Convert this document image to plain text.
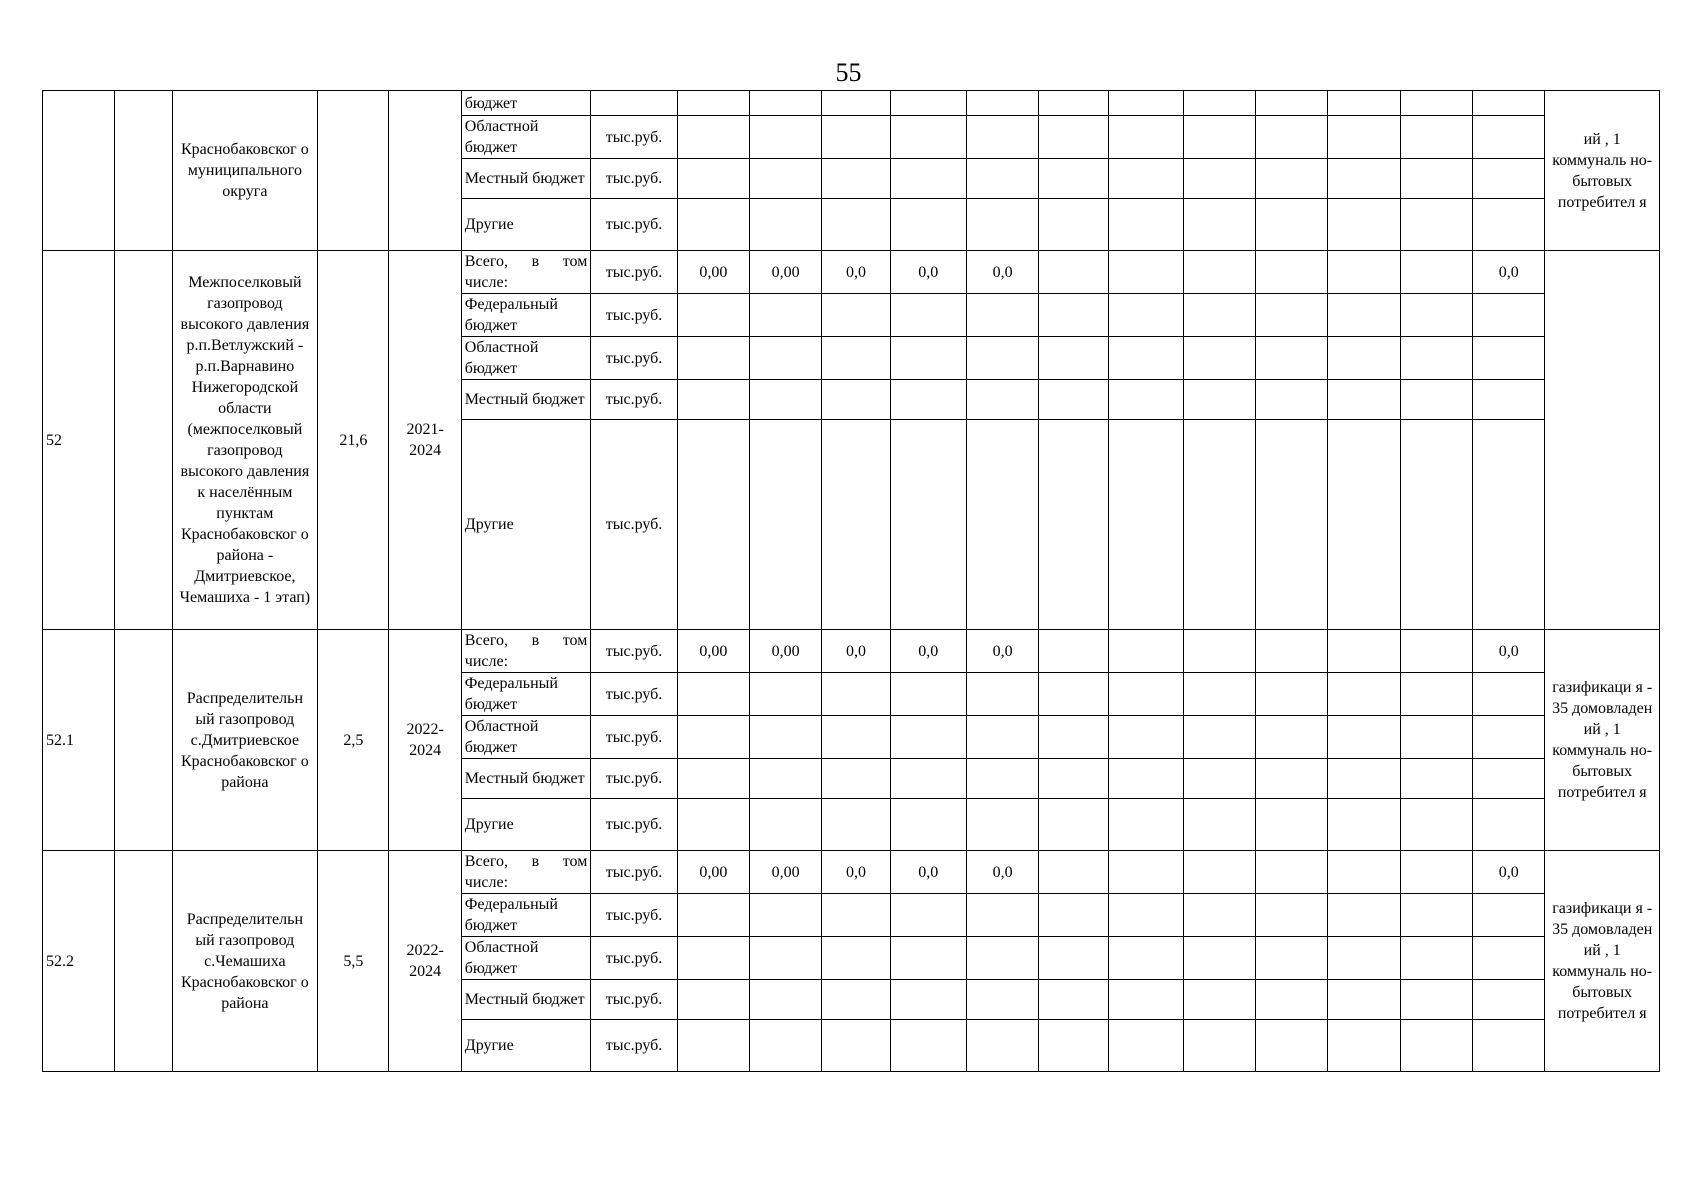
55
		Краснобаковског о муниципального округа			бюджет														ий , 1 коммуналь но-бытовых потребител я
					Областной бюджет	тыс.руб.													
					Местный бюджет	тыс.руб.													
					Другие	тыс.руб.													
52		Межпоселковый газопровод высокого давления р.п.Ветлужский - р.п.Варнавино Нижегородской области (межпоселковый газопровод высокого давления к населённым пунктам Краснобаковског о района - Дмитриевское, Чемашиха - 1 этап)	21,6	2021-2024	Всего, в том числе:	тыс.руб.	0,00	0,00	0,0	0,0	0,0							0,0	
					Федеральный бюджет	тыс.руб.													
					Областной бюджет	тыс.руб.													
					Местный бюджет	тыс.руб.													
					Другие	тыс.руб.													
52.1		Распределительн ый газопровод с.Дмитриевское Краснобаковског о района	2,5	2022-2024	Всего, в том числе:	тыс.руб.	0,00	0,00	0,0	0,0	0,0							0,0	газификаци я - 35 домовладен ий , 1 коммуналь но-бытовых потребител я
					Федеральный бюджет	тыс.руб.													
					Областной бюджет	тыс.руб.													
					Местный бюджет	тыс.руб.													
					Другие	тыс.руб.													
52.2		Распределительн ый газопровод с.Чемашиха Краснобаковског о района	5,5	2022-2024	Всего, в том числе:	тыс.руб.	0,00	0,00	0,0	0,0	0,0							0,0	газификаци я - 35 домовладен ий , 1 коммуналь но-бытовых потребител я
					Федеральный бюджет	тыс.руб.													
					Областной бюджет	тыс.руб.													
					Местный бюджет	тыс.руб.													
					Другие	тыс.руб.													
